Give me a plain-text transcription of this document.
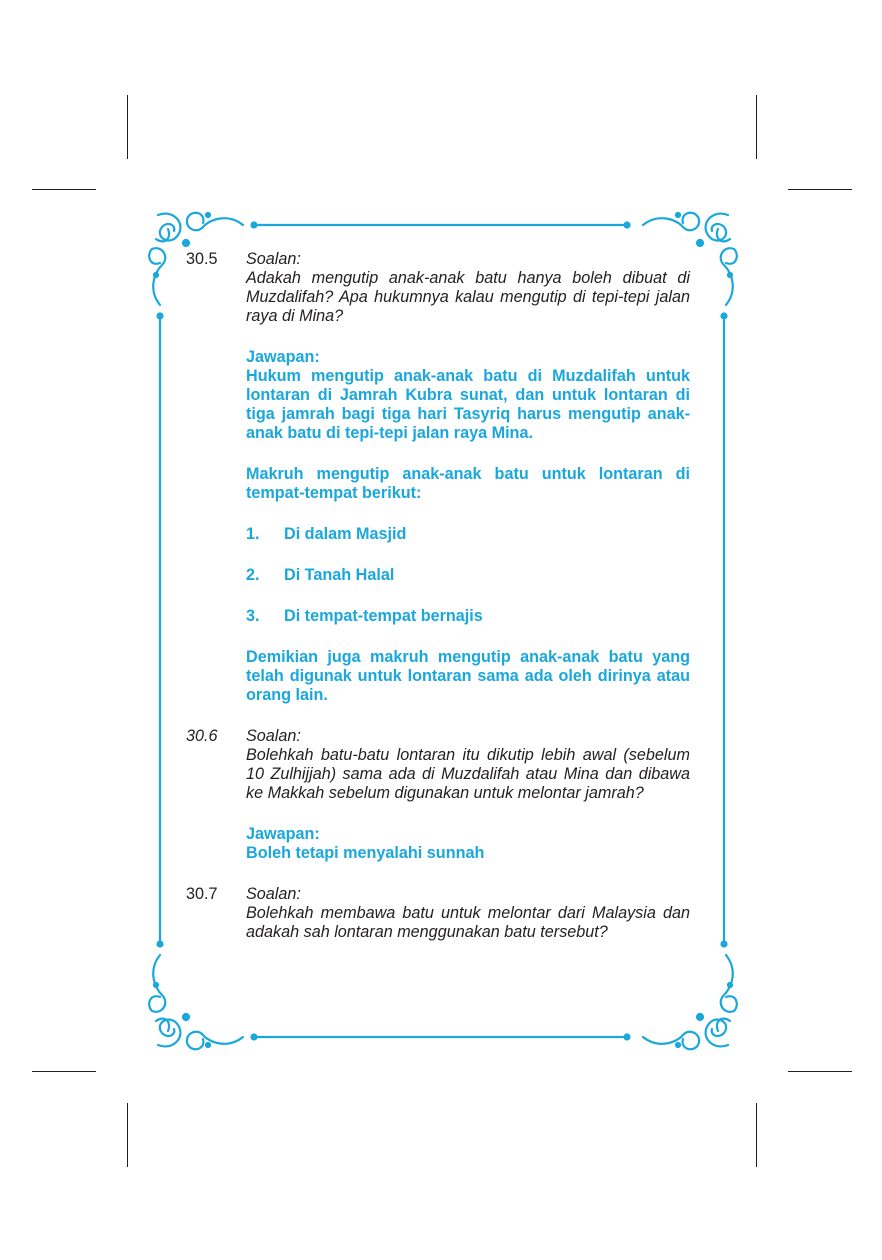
30.5 Soalan:

Adakah mengutip anak-anak batu hanya boleh dibuat di Muzdalifah? Apa hukumnya kalau mengutip di tepi-tepi jalan raya di Mina?

Jawapan:

Hukum mengutip anak-anak batu di Muzdalifah untuk lontaran di Jamrah Kubra sunat, dan untuk lontaran di tiga jamrah bagi tiga hari Tasyriq harus mengutip anak-anak batu di tepi-tepi jalan raya Mina.

Makruh mengutip anak-anak batu untuk lontaran di tempat-tempat berikut:

1. Di dalam Masjid
2. Di Tanah Halal
3. Di tempat-tempat bernajis

Demikian juga makruh mengutip anak-anak batu yang telah digunak untuk lontaran sama ada oleh dirinya atau orang lain.

30.6 Soalan:

Bolehkah batu-batu lontaran itu dikutip lebih awal (sebelum 10 Zulhijjah) sama ada di Muzdalifah atau Mina dan dibawa ke Makkah sebelum digunakan untuk melontar jamrah?

Jawapan:

Boleh tetapi menyalahi sunnah

30.7 Soalan:

Bolehkah membawa batu untuk melontar dari Malaysia dan adakah sah lontaran menggunakan batu tersebut?
